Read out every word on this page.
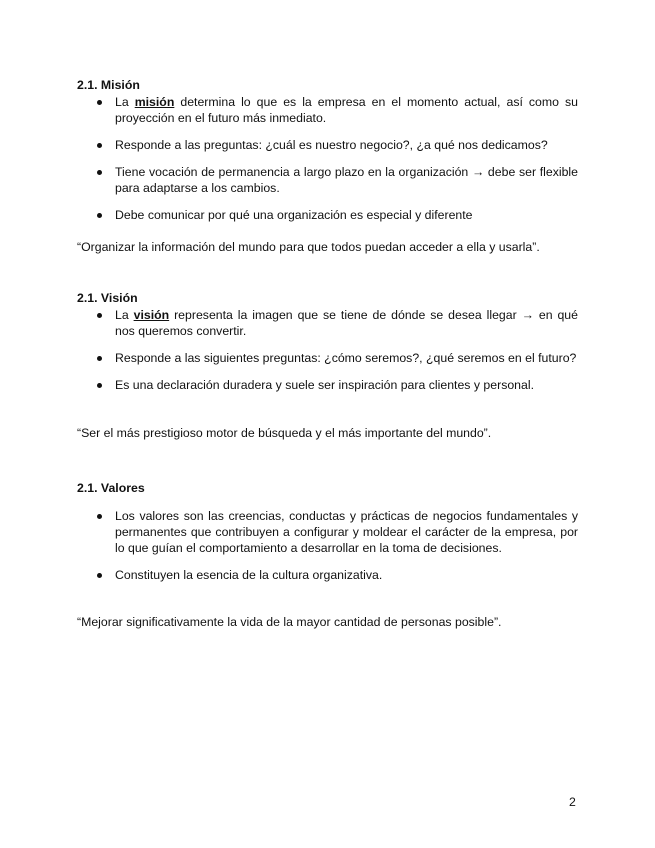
2.1. Misión
La misión determina lo que es la empresa en el momento actual, así como su proyección en el futuro más inmediato.
Responde a las preguntas: ¿cuál es nuestro negocio?, ¿a qué nos dedicamos?
Tiene vocación de permanencia a largo plazo en la organización → debe ser flexible para adaptarse a los cambios.
Debe comunicar por qué una organización es especial y diferente
“Organizar la información del mundo para que todos puedan acceder a ella y usarla”.
2.1. Visión
La visión representa la imagen que se tiene de dónde se desea llegar → en qué nos queremos convertir.
Responde a las siguientes preguntas: ¿cómo seremos?, ¿qué seremos en el futuro?
Es una declaración duradera y suele ser inspiración para clientes y personal.
“Ser el más prestigioso motor de búsqueda y el más importante del mundo”.
2.1. Valores
Los valores son las creencias, conductas y prácticas de negocios fundamentales y permanentes que contribuyen a configurar y moldear el carácter de la empresa, por lo que guían el comportamiento a desarrollar en la toma de decisiones.
Constituyen la esencia de la cultura organizativa.
“Mejorar significativamente la vida de la mayor cantidad de personas posible”.
2
